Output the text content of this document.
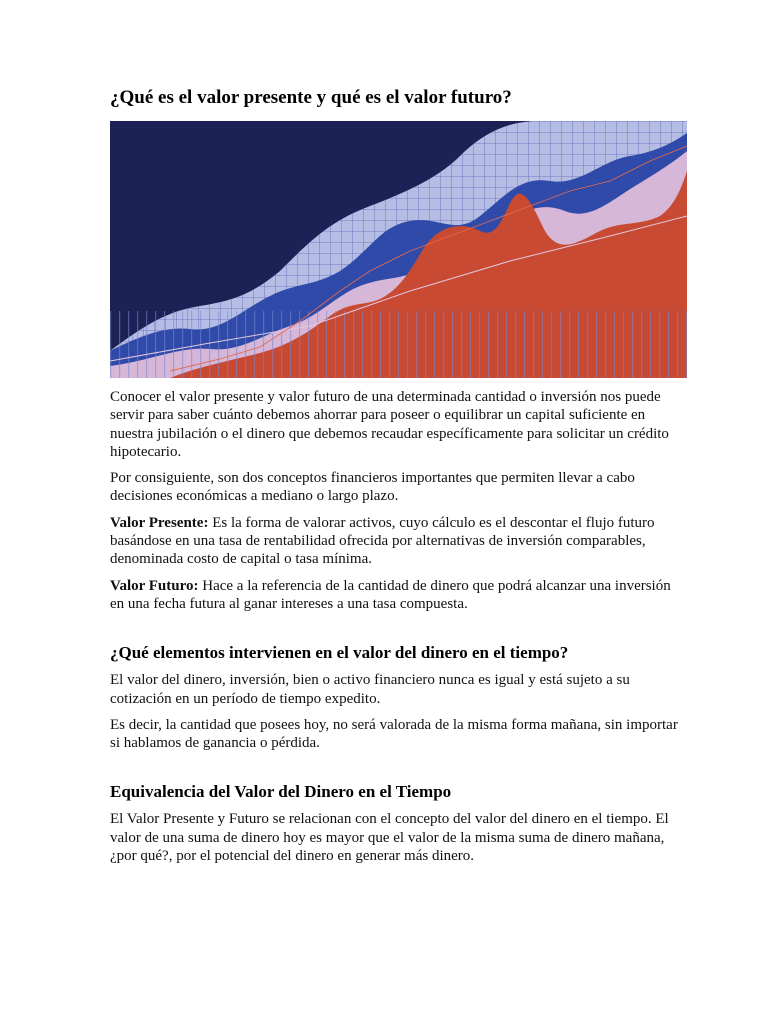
¿Qué es el valor presente y qué es el valor futuro?

Conocer el valor presente y valor futuro de una determinada cantidad o inversión nos puede servir para saber cuánto debemos ahorrar para poseer o equilibrar un capital suficiente en nuestra jubilación o el dinero que debemos recaudar específicamente para solicitar un crédito hipotecario.

Por consiguiente, son dos conceptos financieros importantes que permiten llevar a cabo decisiones económicas a mediano o largo plazo.

Valor Presente: Es la forma de valorar activos, cuyo cálculo es el descontar el flujo futuro basándose en una tasa de rentabilidad ofrecida por alternativas de inversión comparables, denominada costo de capital o tasa mínima.

Valor Futuro: Hace a la referencia de la cantidad de dinero que podrá alcanzar una inversión en una fecha futura al ganar intereses a una tasa compuesta.

¿Qué elementos intervienen en el valor del dinero en el tiempo?

El valor del dinero, inversión, bien o activo financiero nunca es igual y está sujeto a su cotización en un período de tiempo expedito.

Es decir, la cantidad que posees hoy, no será valorada de la misma forma mañana, sin importar si hablamos de ganancia o pérdida.

Equivalencia del Valor del Dinero en el Tiempo

El Valor Presente y Futuro se relacionan con el concepto del valor del dinero en el tiempo. El valor de una suma de dinero hoy es mayor que el valor de la misma suma de dinero mañana, ¿por qué?, por el potencial del dinero en generar más dinero.
